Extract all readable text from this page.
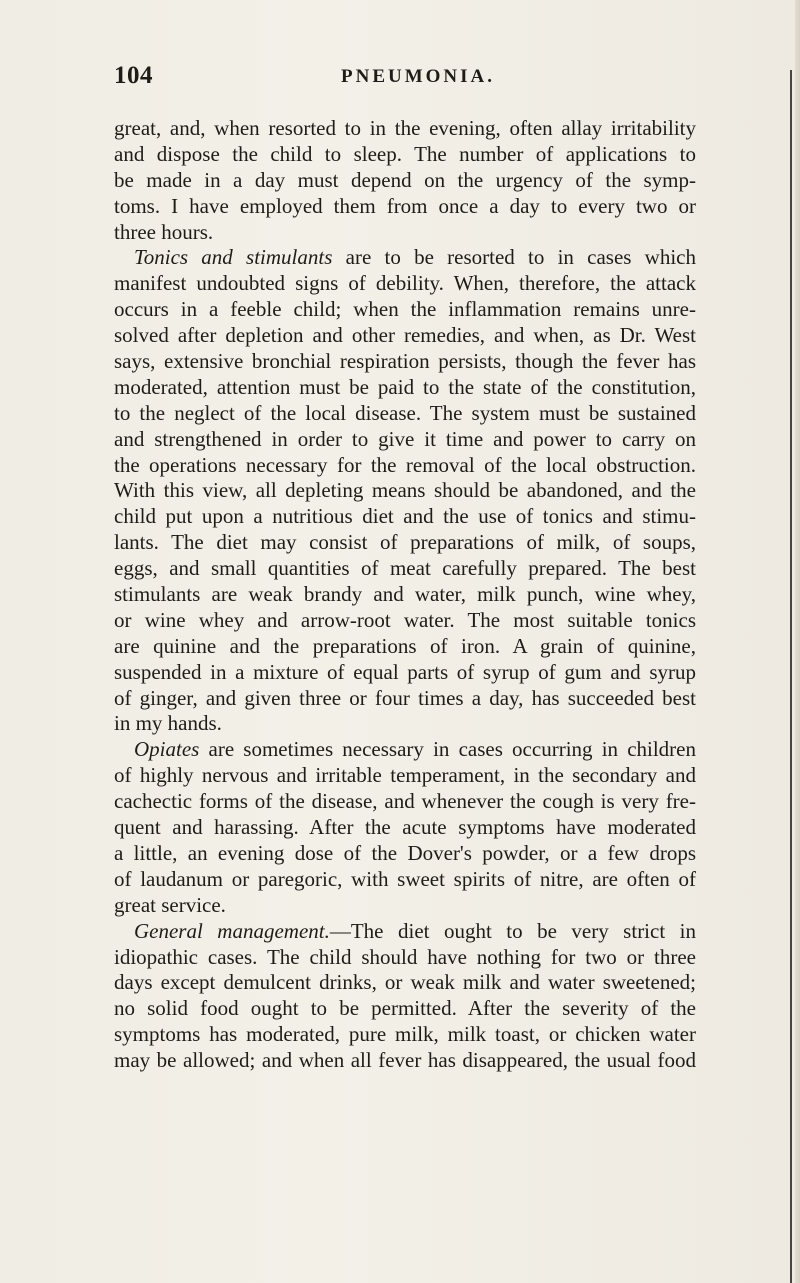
104	PNEUMONIA.
great, and, when resorted to in the evening, often allay irritability
and dispose the child to sleep. The number of applications to
be made in a day must depend on the urgency of the symp-
toms. I have employed them from once a day to every two or
three hours.
Tonics and stimulants are to be resorted to in cases which
manifest undoubted signs of debility. When, therefore, the attack
occurs in a feeble child; when the inflammation remains unre-
solved after depletion and other remedies, and when, as Dr. West
says, extensive bronchial respiration persists, though the fever has
moderated, attention must be paid to the state of the constitution,
to the neglect of the local disease. The system must be sustained
and strengthened in order to give it time and power to carry on
the operations necessary for the removal of the local obstruction.
With this view, all depleting means should be abandoned, and the
child put upon a nutritious diet and the use of tonics and stimu-
lants. The diet may consist of preparations of milk, of soups,
eggs, and small quantities of meat carefully prepared. The best
stimulants are weak brandy and water, milk punch, wine whey,
or wine whey and arrow-root water. The most suitable tonics
are quinine and the preparations of iron. A grain of quinine,
suspended in a mixture of equal parts of syrup of gum and syrup
of ginger, and given three or four times a day, has succeeded best
in my hands.
Opiates are sometimes necessary in cases occurring in children
of highly nervous and irritable temperament, in the secondary and
cachectic forms of the disease, and whenever the cough is very fre-
quent and harassing. After the acute symptoms have moderated
a little, an evening dose of the Dover's powder, or a few drops
of laudanum or paregoric, with sweet spirits of nitre, are often of
great service.
General management.—The diet ought to be very strict in
idiopathic cases. The child should have nothing for two or three
days except demulcent drinks, or weak milk and water sweetened;
no solid food ought to be permitted. After the severity of the
symptoms has moderated, pure milk, milk toast, or chicken water
may be allowed; and when all fever has disappeared, the usual food
